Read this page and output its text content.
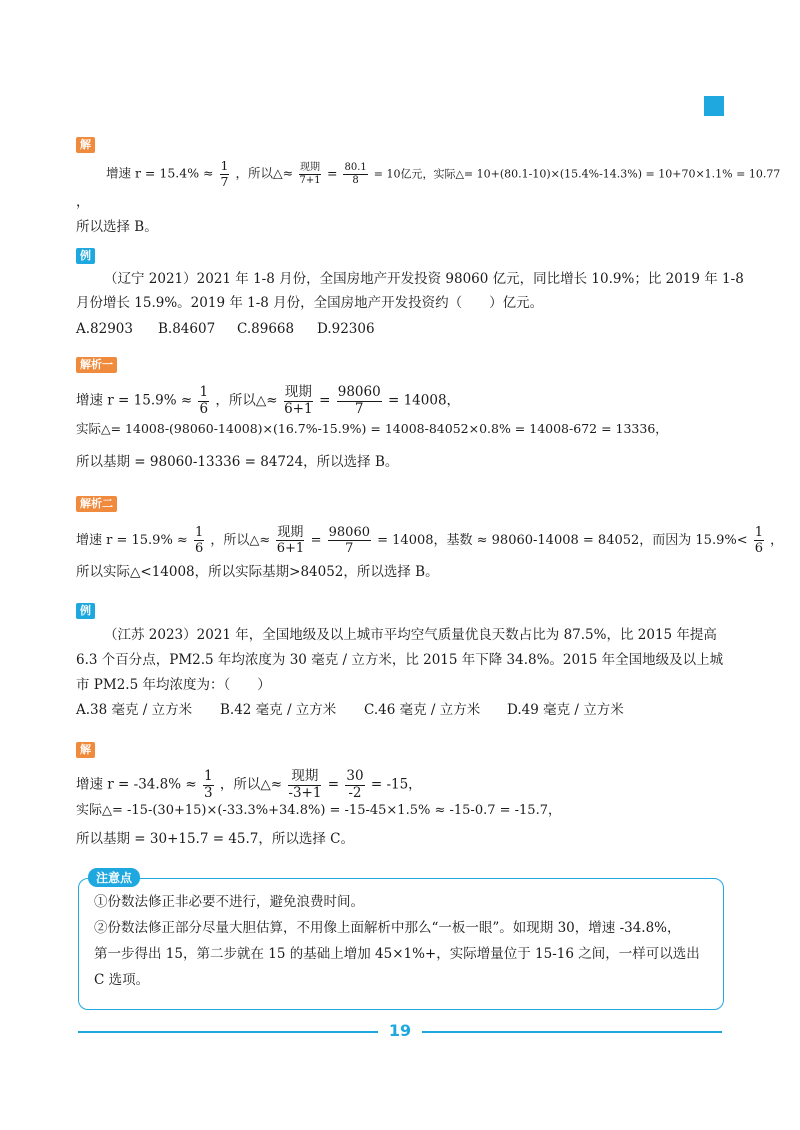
解
增速 $r = 15.4\% \approx \frac{1}{7}$ ，所以△≈ $\frac{\text{现期}}{7+1} = \frac{80.1}{8} = 10$亿元，实际△= 10+(80.1-10)×(15.4%-14.3%) = 10+70×1.1% = 10.77
，
所以选择 B。
例
（辽宁 2021）2021 年 1-8 月份，全国房地产开发投资 98060 亿元，同比增长 10.9%；比 2019 年 1-8
月份增长 15.9%。2019 年 1-8 月份，全国房地产开发投资约（　　）亿元。
A.82903 B.84607 C.89668 D.92306
解析一
增速 $r = 15.9\% \approx \frac{1}{6}$ ，所以△≈ $\frac{\text{现期}}{6+1} = \frac{98060}{7} = 14008$，
实际△= 14008-(98060-14008)×(16.7%-15.9%) = 14008-84052×0.8% = 14008-672 = 13336，
所以基期 = 98060-13336 = 84724，所以选择 B。
解析二
增速 $r = 15.9\% \approx \frac{1}{6}$ ，所以△≈ $\frac{\text{现期}}{6+1} = \frac{98060}{7} = 14008$，基数 ≈ 98060-14008 = 84052，而因为 $15.9\%< \frac{1}{6}$ ，
所以实际△<14008，所以实际基期>84052，所以选择 B。
例
（江苏 2023）2021 年，全国地级及以上城市平均空气质量优良天数占比为 87.5%，比 2015 年提高
6.3 个百分点，PM2.5 年均浓度为 30 毫克 / 立方米，比 2015 年下降 34.8%。2015 年全国地级及以上城
市 PM2.5 年均浓度为：（　　）
A.38 毫克 / 立方米 B.42 毫克 / 立方米 C.46 毫克 / 立方米 D.49 毫克 / 立方米
解
增速 $r = -34.8\% \approx \frac{1}{3}$ ，所以△≈ $\frac{\text{现期}}{-3+1} = \frac{30}{-2} = -15$，
实际△= -15-(30+15)×(-33.3%+34.8%) = -15-45×1.5% ≈ -15-0.7 = -15.7，
所以基期 = 30+15.7 = 45.7，所以选择 C。
注意点
①份数法修正非必要不进行，避免浪费时间。
②份数法修正部分尽量大胆估算，不用像上面解析中那么“一板一眼”。如现期 30，增速 -34.8%，
第一步得出 15，第二步就在 15 的基础上增加 45×1%+，实际增量位于 15-16 之间，一样可以选出
C 选项。
19
